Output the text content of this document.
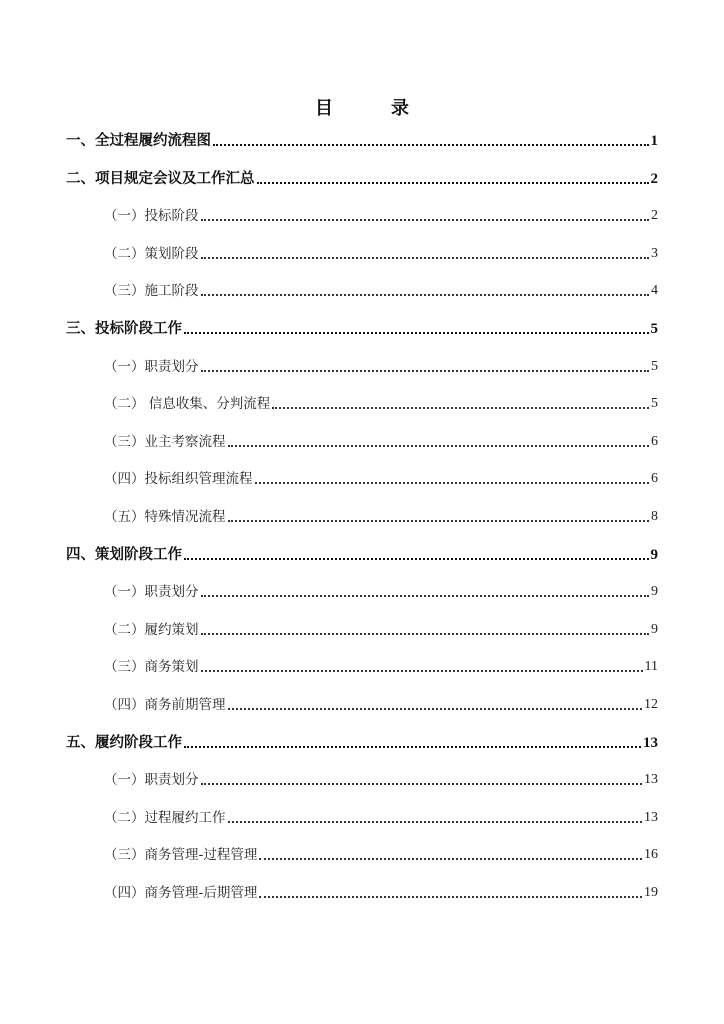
目　录
一、全过程履约流程图	1
二、项目规定会议及工作汇总	2
（一）投标阶段	2
（二）策划阶段	3
（三）施工阶段	4
三、投标阶段工作	5
（一）职责划分	5
（二） 信息收集、分判流程	5
（三）业主考察流程	6
（四）投标组织管理流程	6
（五）特殊情况流程	8
四、策划阶段工作	9
（一）职责划分	9
（二）履约策划	9
（三）商务策划	11
（四）商务前期管理	12
五、履约阶段工作	13
（一）职责划分	13
（二）过程履约工作	13
（三）商务管理-过程管理	16
（四）商务管理-后期管理	19
